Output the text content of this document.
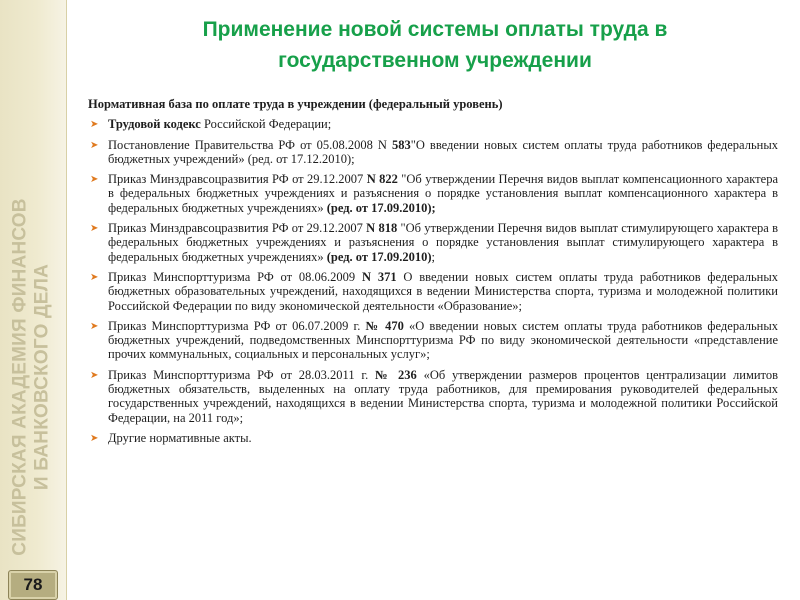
СИБИРСКАЯ АКАДЕМИЯ ФИНАНСОВ И БАНКОВСКОГО ДЕЛА
78
Применение новой системы оплаты труда в
государственном учреждении
Нормативная база по оплате труда в учреждении (федеральный уровень)
➤ Трудовой кодекс Российской Федерации;
➤ Постановление Правительства РФ от 05.08.2008 N 583"О введении новых систем оплаты труда работников федеральных бюджетных учреждений» (ред. от 17.12.2010);
➤ Приказ Минздравсоцразвития РФ от 29.12.2007 N 822 "Об утверждении Перечня видов выплат компенсационного характера в федеральных бюджетных учреждениях и разъяснения о порядке установления выплат компенсационного характера в федеральных бюджетных учреждениях» (ред. от 17.09.2010);
➤ Приказ Минздравсоцразвития РФ от 29.12.2007 N 818 "Об утверждении Перечня видов выплат стимулирующего характера в федеральных бюджетных учреждениях и разъяснения о порядке установления выплат стимулирующего характера в федеральных бюджетных учреждениях» (ред. от 17.09.2010);
➤ Приказ Минспорттуризма РФ от 08.06.2009 N 371 О введении новых систем оплаты труда работников федеральных бюджетных образовательных учреждений, находящихся в ведении Министерства спорта, туризма и молодежной политики Российской Федерации по виду экономической деятельности «Образование»;
➤ Приказ Минспорттуризма РФ от 06.07.2009 г. № 470 «О введении новых систем оплаты труда работников федеральных бюджетных учреждений, подведомственных Минспорттуризма РФ по виду экономической деятельности «представление прочих коммунальных, социальных и персональных услуг»;
➤ Приказ Минспорттуризма РФ от 28.03.2011 г. № 236 «Об утверждении размеров процентов централизации лимитов бюджетных обязательств, выделенных на оплату труда работников, для премирования руководителей федеральных государственных учреждений, находящихся в ведении Министерства спорта, туризма и молодежной политики Российской Федерации, на 2011 год»;
➤ Другие нормативные акты.
